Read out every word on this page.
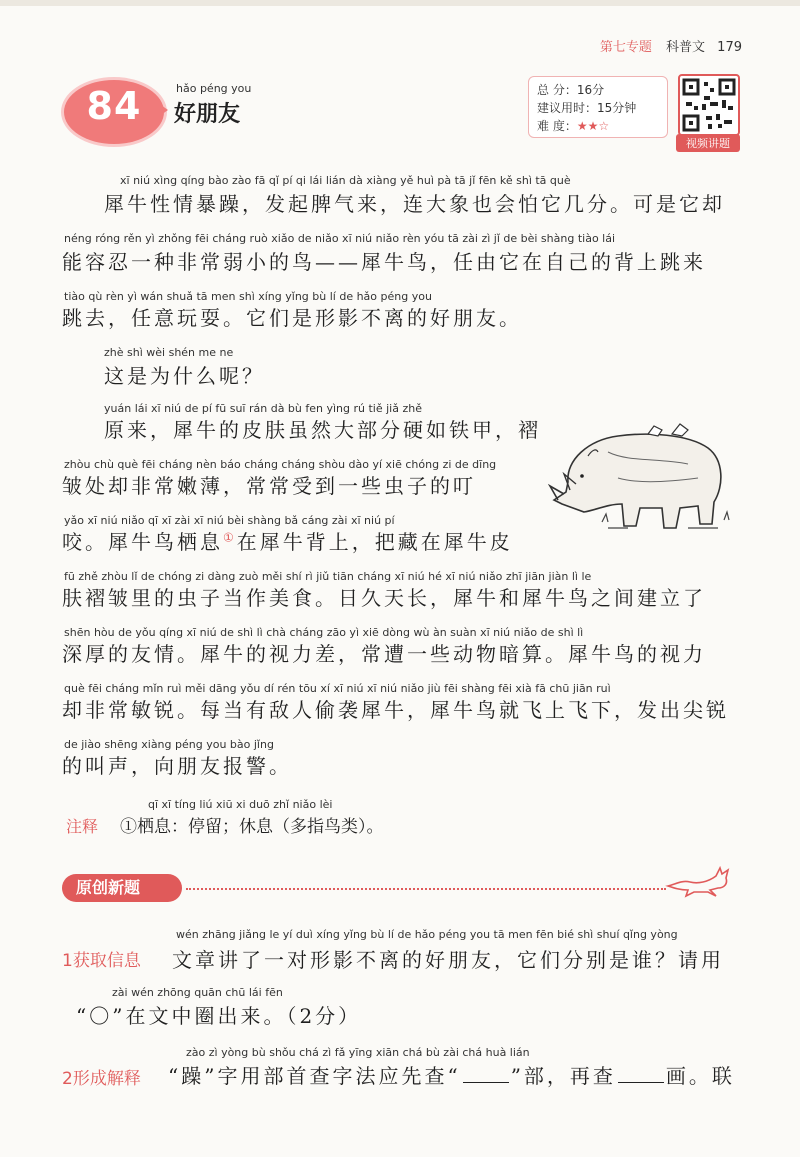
第七专题 科普文 179
84	hǎo péng you
好朋友
总 分：16分
建议用时：15分钟
难 度：★★☆
视频讲题
xī niú xìng qíng bào zào fā qǐ pí qi lái lián dà xiàng yě huì pà tā jǐ fēn kě shì tā què
犀牛性情暴躁，发起脾气来，连大象也会怕它几分。可是它却
néng róng rěn yì zhǒng fēi cháng ruò xiǎo de niǎo xī niú niǎo rèn yóu tā zài zì jǐ de bèi shàng tiào lái
能容忍一种非常弱小的鸟——犀牛鸟，任由它在自己的背上跳来
tiào qù rèn yì wán shuǎ tā men shì xíng yǐng bù lí de hǎo péng you
跳去，任意玩耍。它们是形影不离的好朋友。
zhè shì wèi shén me ne
这是为什么呢？
yuán lái xī niú de pí fū suī rán dà bù fen yìng rú tiě jiǎ zhě
原来，犀牛的皮肤虽然大部分硬如铁甲，褶
zhòu chù què fēi cháng nèn báo cháng cháng shòu dào yí xiē chóng zi de dīng
皱处却非常嫩薄，常常受到一些虫子的叮
yǎo xī niú niǎo qī xī zài xī niú bèi shàng bǎ cáng zài xī niú pí
咬。犀牛鸟栖息①在犀牛背上，把藏在犀牛皮
fū zhě zhòu lǐ de chóng zi dàng zuò měi shí rì jiǔ tiān cháng xī niú hé xī niú niǎo zhī jiān jiàn lì le
肤褶皱里的虫子当作美食。日久天长，犀牛和犀牛鸟之间建立了
shēn hòu de yǒu qíng xī niú de shì lì chà cháng zāo yì xiē dòng wù àn suàn xī niú niǎo de shì lì
深厚的友情。犀牛的视力差，常遭一些动物暗算。犀牛鸟的视力
què fēi cháng mǐn ruì měi dāng yǒu dí rén tōu xí xī niú xī niú niǎo jiù fēi shàng fēi xià fā chū jiān ruì
却非常敏锐。每当有敌人偷袭犀牛，犀牛鸟就飞上飞下，发出尖锐
de jiào shēng xiàng péng you bào jǐng
的叫声，向朋友报警。
qī xī tíng liú xiū xi duō zhǐ niǎo lèi
注释 ①栖息：停留；休息（多指鸟类）。
原创新题
wén zhāng jiǎng le yí duì xíng yǐng bù lí de hǎo péng you tā men fēn bié shì shuí qǐng yòng
1获取信息 文章讲了一对形影不离的好朋友，它们分别是谁？请用
zài wén zhōng quān chū lái fēn
“〇”在文中圈出来。（2分）
zào zì yòng bù shǒu chá zì fǎ yīng xiān chá bù zài chá huà lián
2形成解释 “躁”字用部首查字法应先查“	”部，再查	画。联
